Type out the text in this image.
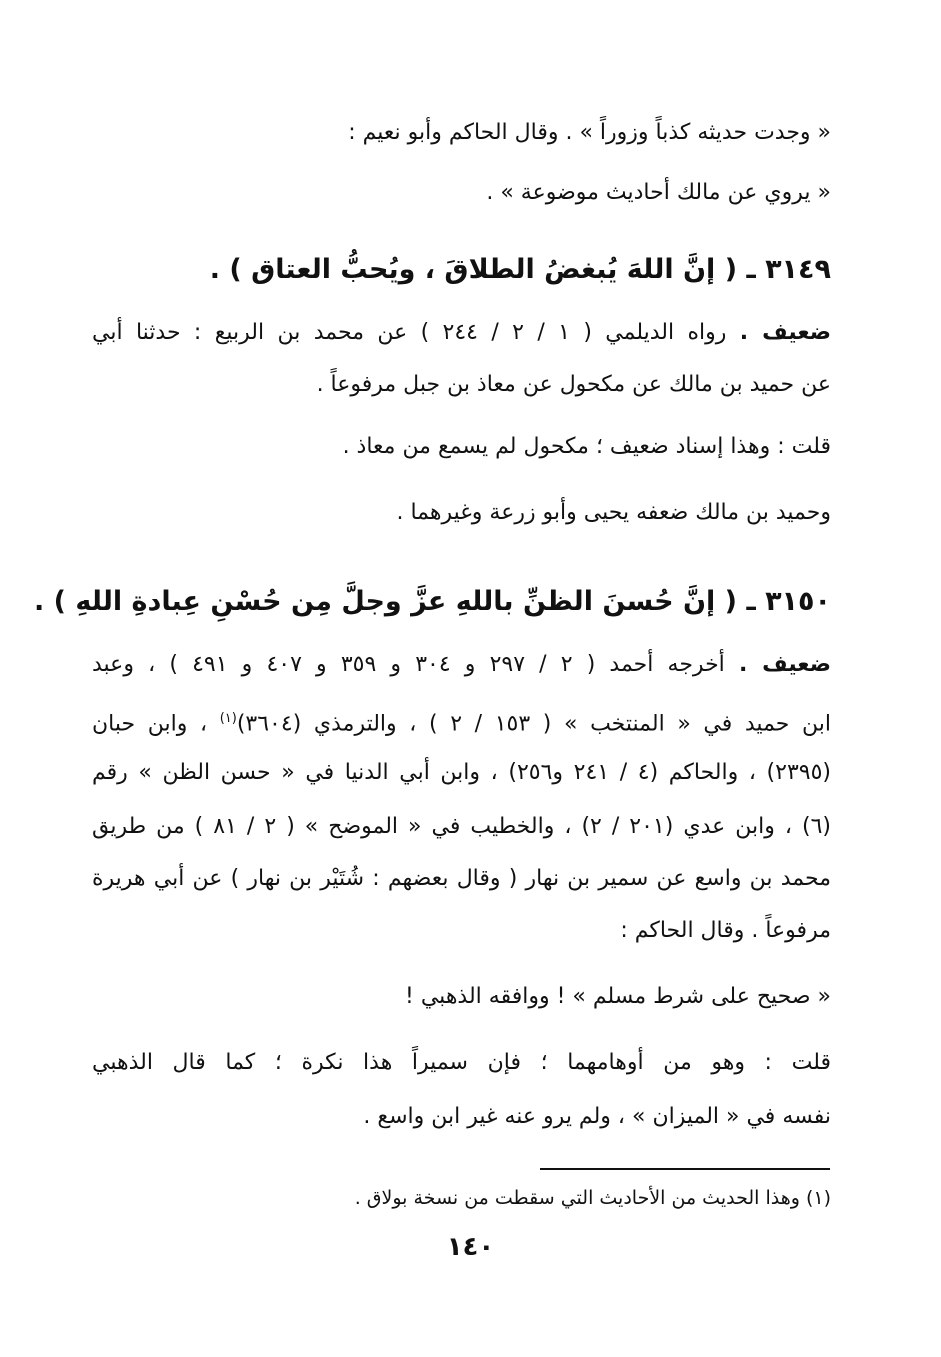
« وجدت حديثه كذباً وزوراً » . وقال الحاكم وأبو نعيم :

« يروي عن مالك أحاديث موضوعة » .

٣١٤٩ ـ ( إنَّ اللهَ يُبغضُ الطلاقَ ، ويُحبُّ العتاق ) .

ضعيف . رواه الديلمي ( ١ / ٢ / ٢٤٤ ) عن محمد بن الربيع : حدثنا أبي

عن حميد بن مالك عن مكحول عن معاذ بن جبل مرفوعاً .

قلت : وهذا إسناد ضعيف ؛ مكحول لم يسمع من معاذ .

وحميد بن مالك ضعفه يحيى وأبو زرعة وغيرهما .

٣١٥٠ ـ ( إنَّ حُسنَ الظنِّ باللهِ عزَّ وجلَّ مِن حُسْنِ عِبادةِ اللهِ ) .

ضعيف . أخرجه أحمد ( ٢ / ٢٩٧ و ٣٠٤ و ٣٥٩ و ٤٠٧ و ٤٩١ ) ، وعبد

ابن حميد في « المنتخب » ( ١٥٣ / ٢ ) ، والترمذي (٣٦٠٤)$^{(١)}$ ، وابن حبان

(٢٣٩٥) ، والحاكم (٤ / ٢٤١ و٢٥٦) ، وابن أبي الدنيا في « حسن الظن » رقم

(٦) ، وابن عدي (٢٠١ / ٢) ، والخطيب في « الموضح » ( ٢ / ٨١ ) من طريق

محمد بن واسع عن سمير بن نهار ( وقال بعضهم : شُتَيْر بن نهار ) عن أبي هريرة

مرفوعاً . وقال الحاكم :

« صحيح على شرط مسلم » ! ووافقه الذهبي !

قلت : وهو من أوهامهما ؛ فإن سميراً هذا نكرة ؛ كما قال الذهبي

نفسه في « الميزان » ، ولم يرو عنه غير ابن واسع .

(١) وهذا الحديث من الأحاديث التي سقطت من نسخة بولاق .

١٤٠
